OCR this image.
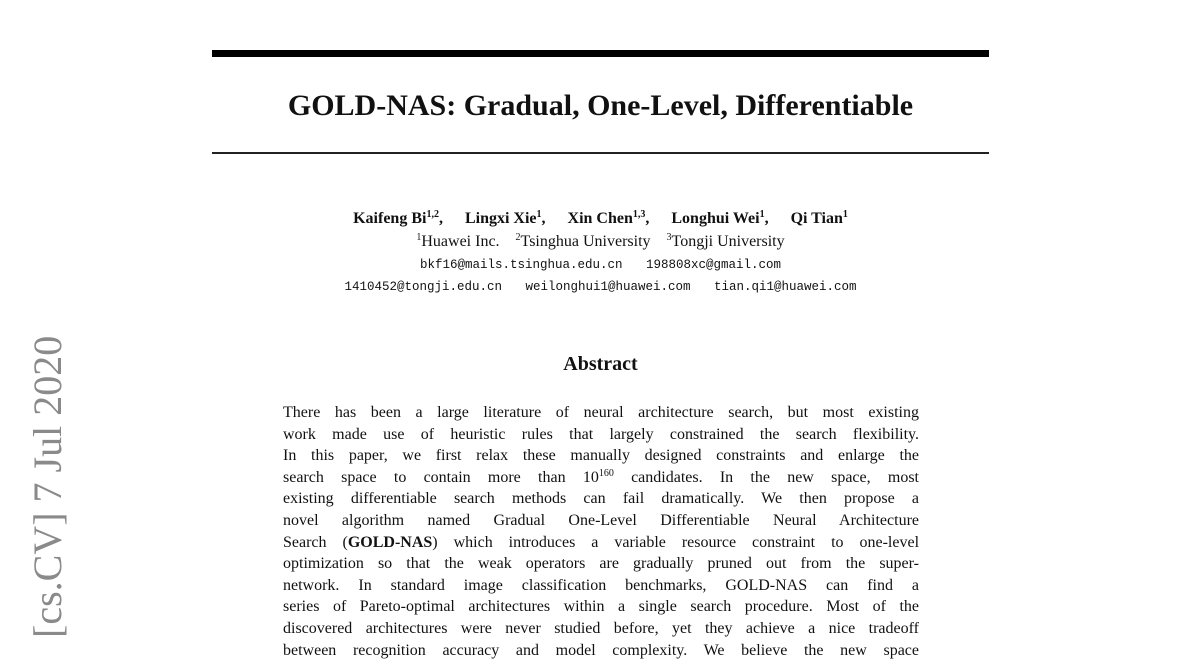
GOLD-NAS: Gradual, One-Level, Differentiable
Kaifeng Bi$^{1,2}$, Lingxi Xie$^1$, Xin Chen$^{1,3}$, Longhui Wei$^1$, Qi Tian$^1$
$^1$Huawei Inc. $^2$Tsinghua University $^3$Tongji University
bkf16@mails.tsinghua.edu.cn 198808xc@gmail.com
1410452@tongji.edu.cn weilonghui1@huawei.com tian.qi1@huawei.com
Abstract
There has been a large literature of neural architecture search, but most existing
work made use of heuristic rules that largely constrained the search flexibility.
In this paper, we first relax these manually designed constraints and enlarge the
search space to contain more than $10^{160}$ candidates. In the new space, most
existing differentiable search methods can fail dramatically. We then propose a
novel algorithm named Gradual One-Level Differentiable Neural Architecture
Search (GOLD-NAS) which introduces a variable resource constraint to one-level
optimization so that the weak operators are gradually pruned out from the super-
network. In standard image classification benchmarks, GOLD-NAS can find a
series of Pareto-optimal architectures within a single search procedure. Most of the
discovered architectures were never studied before, yet they achieve a nice tradeoff
between recognition accuracy and model complexity. We believe the new space
[cs.CV] 7 Jul 2020
